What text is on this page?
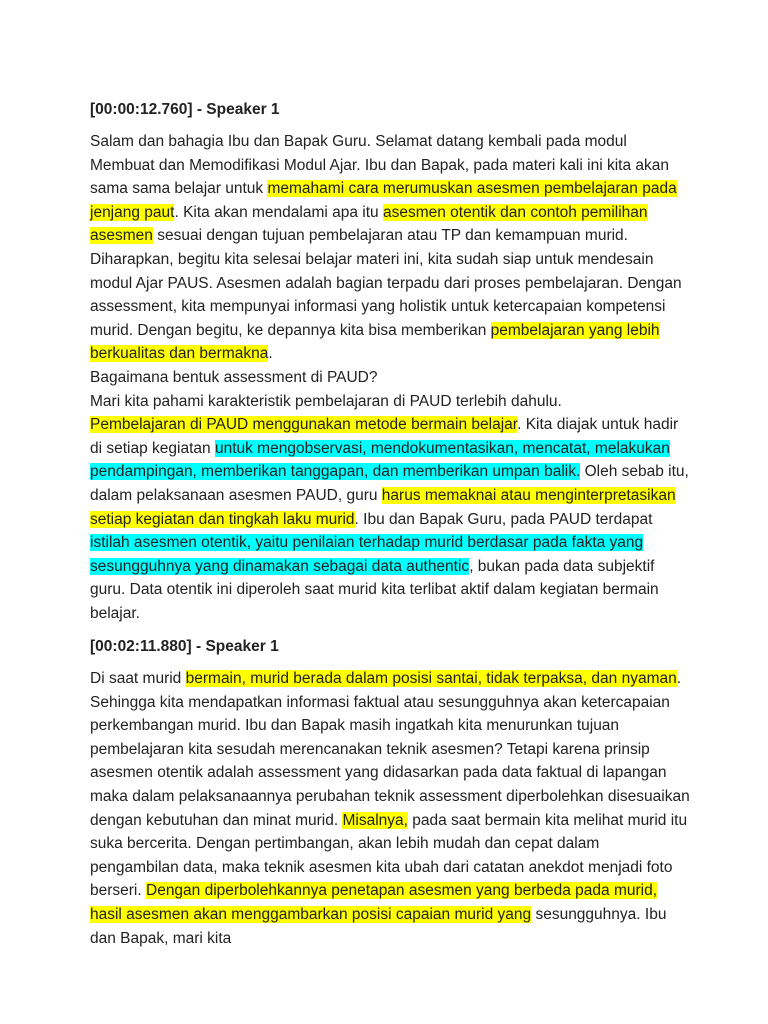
[00:00:12.760] - Speaker 1

Salam dan bahagia Ibu dan Bapak Guru. Selamat datang kembali pada modul Membuat dan Memodifikasi Modul Ajar. Ibu dan Bapak, pada materi kali ini kita akan sama sama belajar untuk memahami cara merumuskan asesmen pembelajaran pada jenjang paut. Kita akan mendalami apa itu asesmen otentik dan contoh pemilihan asesmen sesuai dengan tujuan pembelajaran atau TP dan kemampuan murid. Diharapkan, begitu kita selesai belajar materi ini, kita sudah siap untuk mendesain modul Ajar PAUS. Asesmen adalah bagian terpadu dari proses pembelajaran. Dengan assessment, kita mempunyai informasi yang holistik untuk ketercapaian kompetensi murid. Dengan begitu, ke depannya kita bisa memberikan pembelajaran yang lebih berkualitas dan bermakna.

Bagaimana bentuk assessment di PAUD?

Mari kita pahami karakteristik pembelajaran di PAUD terlebih dahulu.

Pembelajaran di PAUD menggunakan metode bermain belajar. Kita diajak untuk hadir di setiap kegiatan untuk mengobservasi, mendokumentasikan, mencatat, melakukan pendampingan, memberikan tanggapan, dan memberikan umpan balik. Oleh sebab itu, dalam pelaksanaan asesmen PAUD, guru harus memaknai atau menginterpretasikan setiap kegiatan dan tingkah laku murid. Ibu dan Bapak Guru, pada PAUD terdapat istilah asesmen otentik, yaitu penilaian terhadap murid berdasar pada fakta yang sesungguhnya yang dinamakan sebagai data authentic, bukan pada data subjektif guru. Data otentik ini diperoleh saat murid kita terlibat aktif dalam kegiatan bermain belajar.

[00:02:11.880] - Speaker 1

Di saat murid bermain, murid berada dalam posisi santai, tidak terpaksa, dan nyaman. Sehingga kita mendapatkan informasi faktual atau sesungguhnya akan ketercapaian perkembangan murid. Ibu dan Bapak masih ingatkah kita menurunkan tujuan pembelajaran kita sesudah merencanakan teknik asesmen? Tetapi karena prinsip asesmen otentik adalah assessment yang didasarkan pada data faktual di lapangan maka dalam pelaksanaannya perubahan teknik assessment diperbolehkan disesuaikan dengan kebutuhan dan minat murid. Misalnya, pada saat bermain kita melihat murid itu suka bercerita. Dengan pertimbangan, akan lebih mudah dan cepat dalam pengambilan data, maka teknik asesmen kita ubah dari catatan anekdot menjadi foto berseri. Dengan diperbolehkannya penetapan asesmen yang berbeda pada murid, hasil asesmen akan menggambarkan posisi capaian murid yang sesungguhnya. Ibu dan Bapak, mari kita
